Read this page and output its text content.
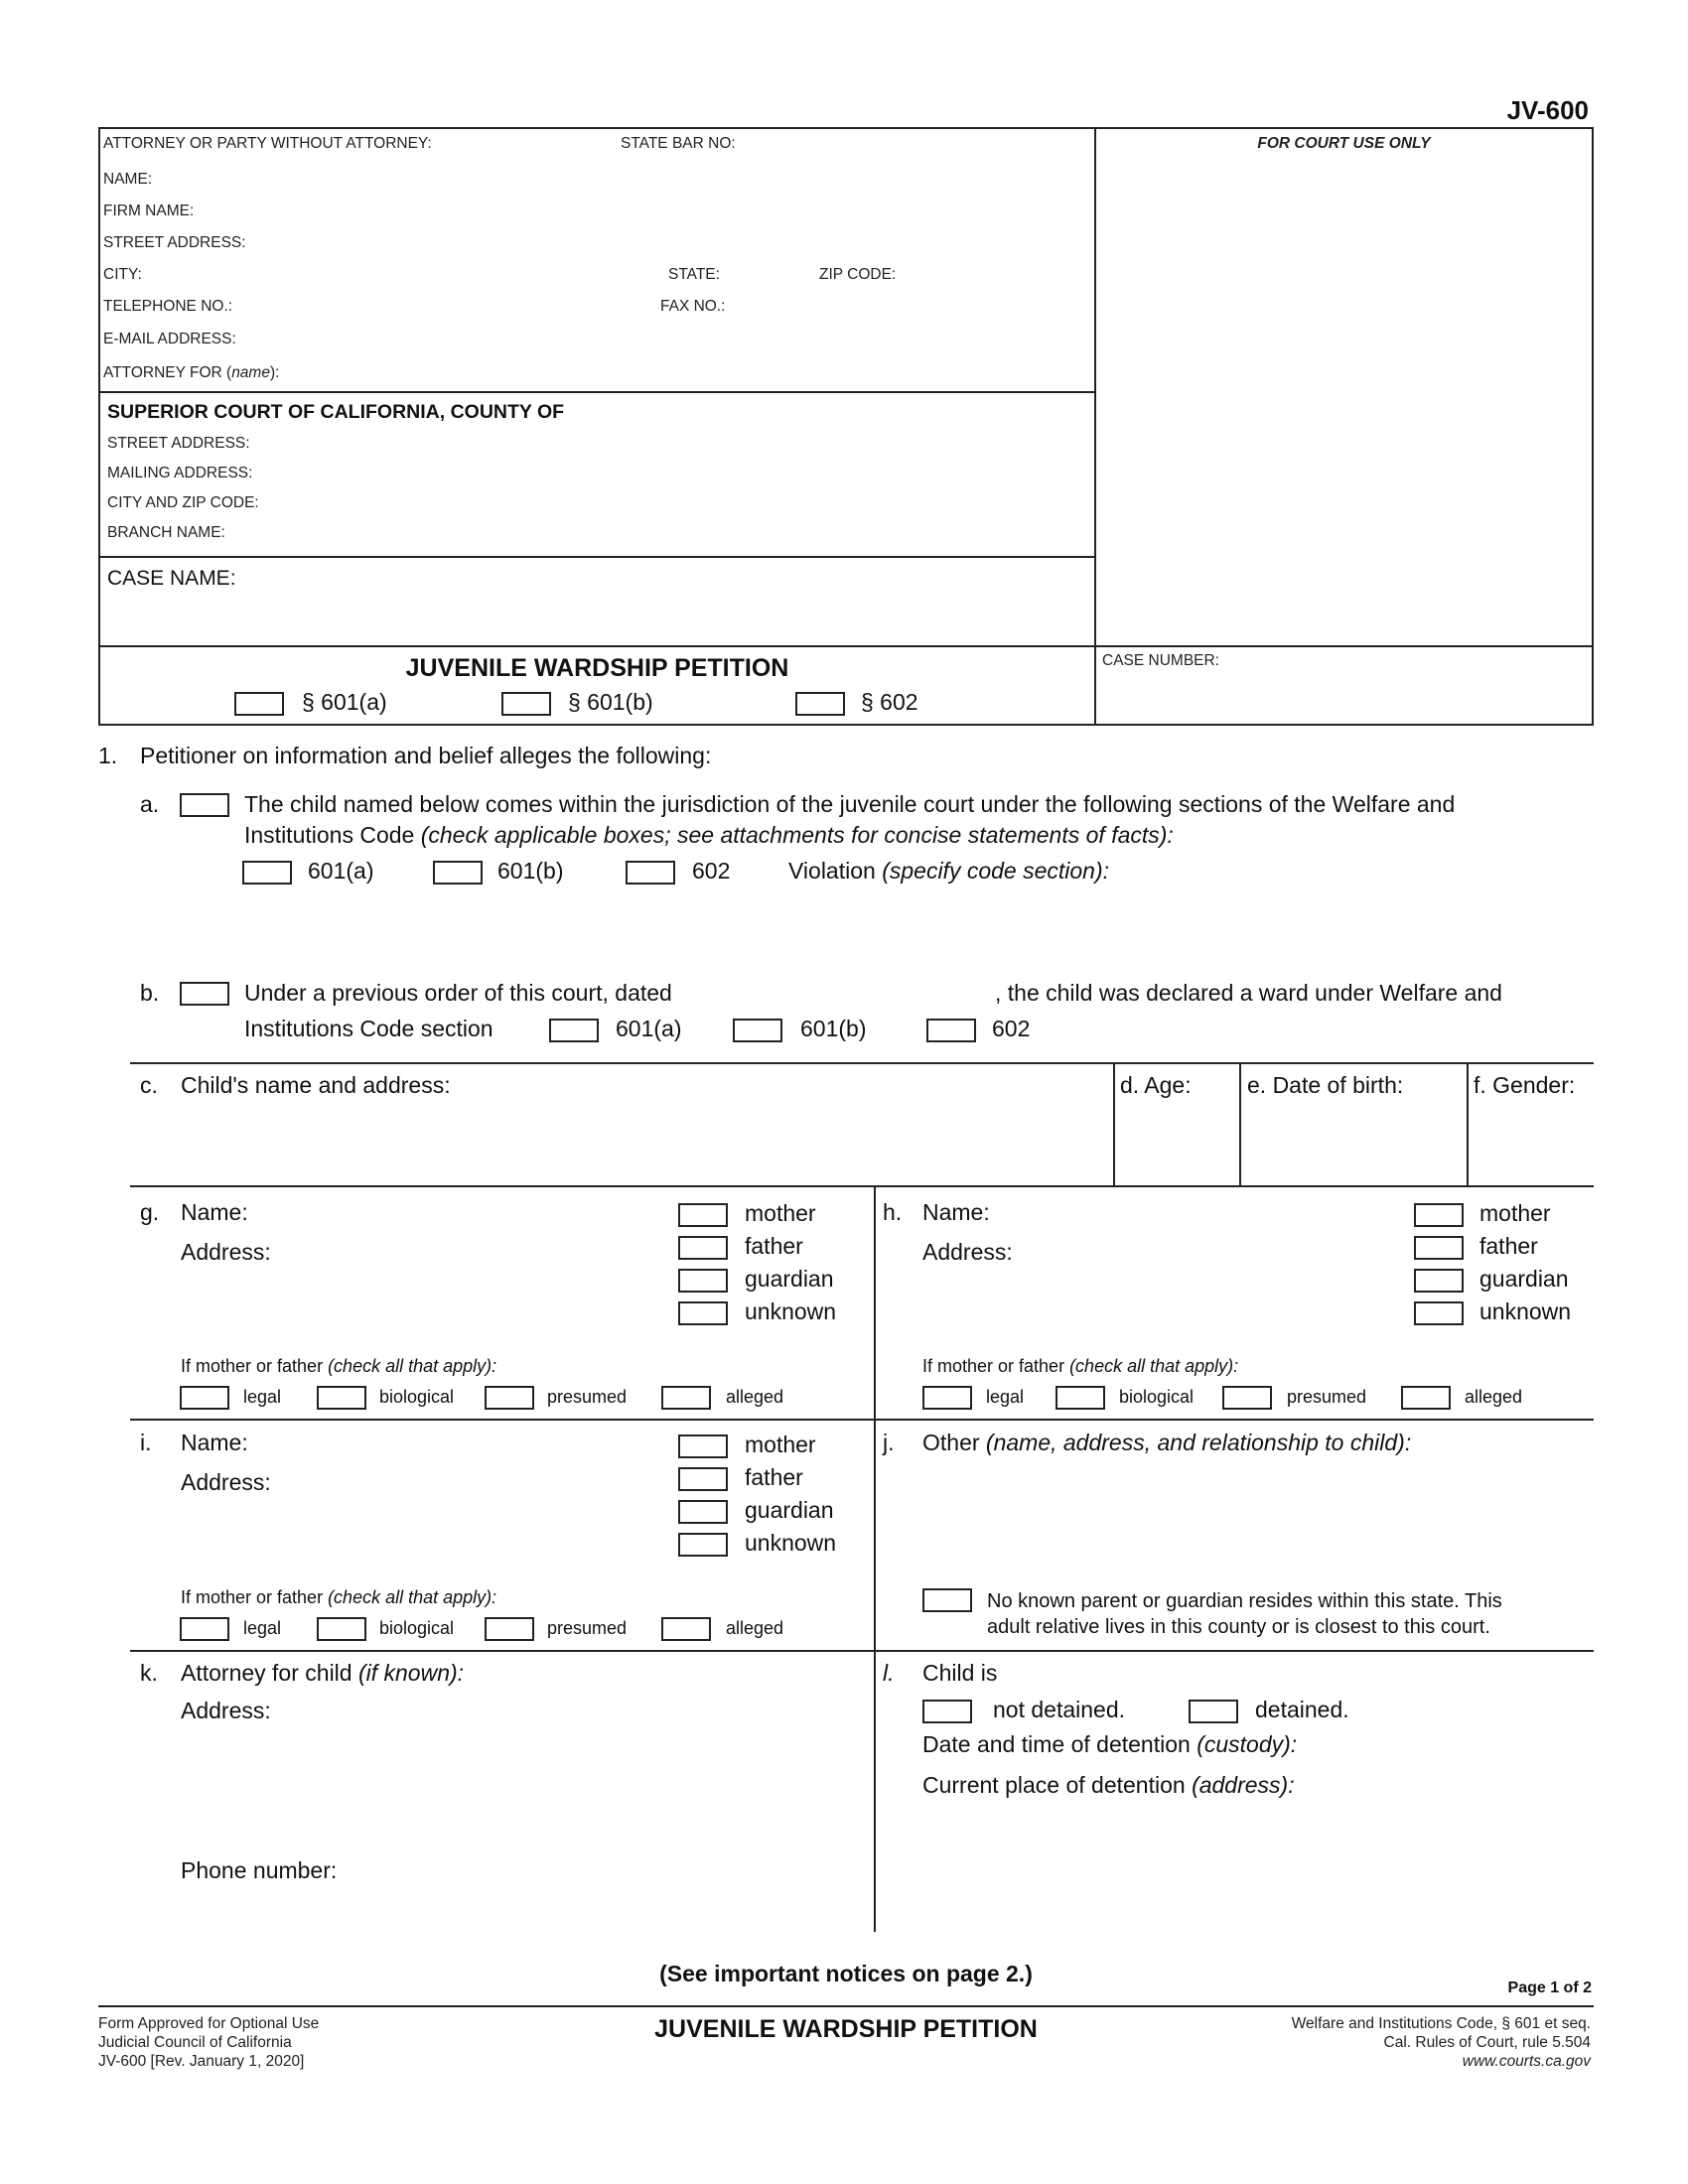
JV-600
ATTORNEY OR PARTY WITHOUT ATTORNEY:	STATE BAR NO:
NAME:
FIRM NAME:
STREET ADDRESS:
CITY:	STATE:	ZIP CODE:
TELEPHONE NO.:	FAX NO.:
E-MAIL ADDRESS:
ATTORNEY FOR (name):
FOR COURT USE ONLY
SUPERIOR COURT OF CALIFORNIA, COUNTY OF
STREET ADDRESS:
MAILING ADDRESS:
CITY AND ZIP CODE:
BRANCH NAME:
CASE NAME:
JUVENILE WARDSHIP PETITION
§ 601(a)	§ 601(b)	§ 602
CASE NUMBER:
1. Petitioner on information and belief alleges the following:
a.	The child named below comes within the jurisdiction of the juvenile court under the following sections of the Welfare and
Institutions Code (check applicable boxes; see attachments for concise statements of facts):
601(a)	601(b)	602	Violation (specify code section):
b.	Under a previous order of this court, dated	, the child was declared a ward under Welfare and
Institutions Code section	601(a)	601(b)	602
c. Child's name and address:	d. Age: e. Date of birth:	f. Gender:
g. Name:
Address:
mother
father
guardian
unknown
If mother or father (check all that apply):
legal	biological	presumed	alleged
h. Name:
Address:
mother
father
guardian
unknown
If mother or father (check all that apply):
legal	biological	presumed	alleged
i. Name:
Address:
mother
father
guardian
unknown
If mother or father (check all that apply):
legal	biological	presumed	alleged
j. Other (name, address, and relationship to child):
No known parent or guardian resides within this state. This
adult relative lives in this county or is closest to this court.
k. Attorney for child (if known):
Address:
Phone number:
l. Child is
not detained.	detained.
Date and time of detention (custody):
Current place of detention (address):
(See important notices on page 2.)
Page 1 of 2
Form Approved for Optional Use
Judicial Council of California
JV-600 [Rev. January 1, 2020]
JUVENILE WARDSHIP PETITION	Welfare and Institutions Code, § 601 et seq.
Cal. Rules of Court, rule 5.504
www.courts.ca.gov
